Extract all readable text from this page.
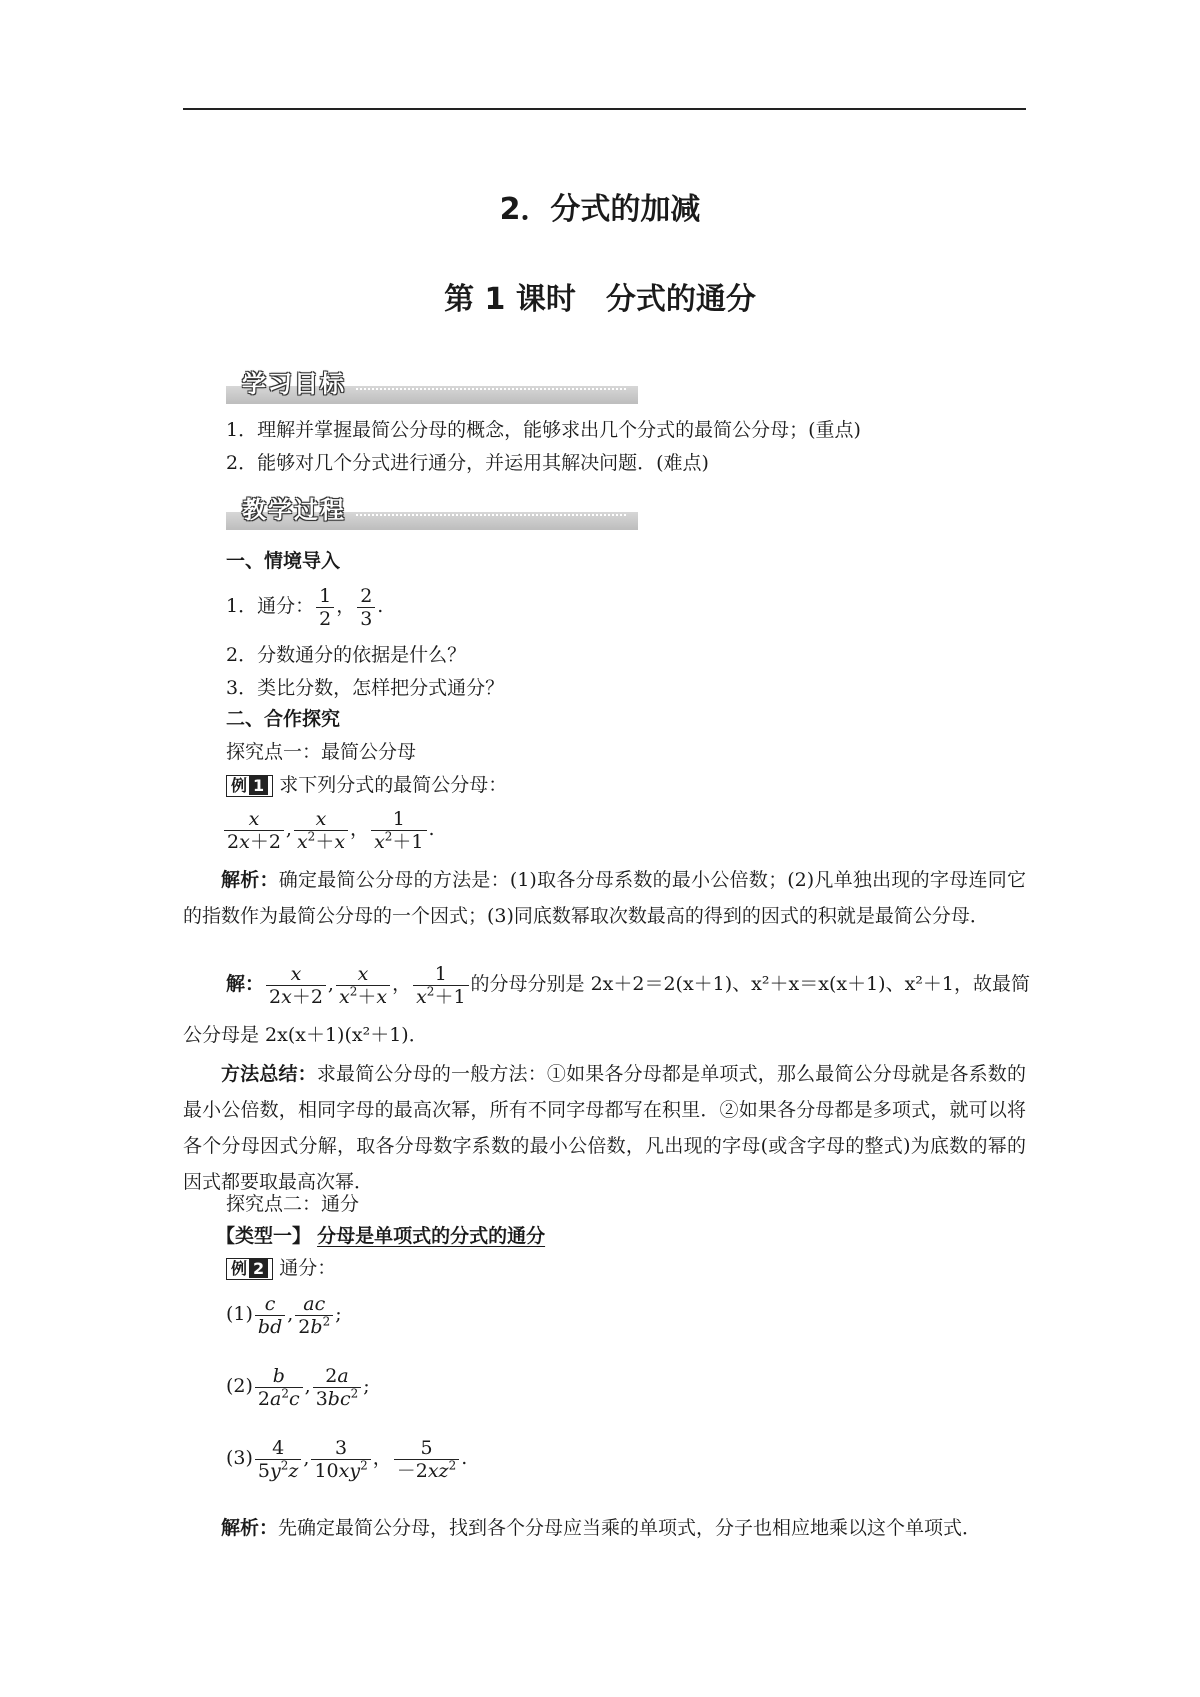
2．分式的加减
第 1 课时　分式的通分
学习目标
1．理解并掌握最简公分母的概念，能够求出几个分式的最简公分母；(重点)
2．能够对几个分式进行通分，并运用其解决问题．(难点)
教学过程
一、情境导入
1．通分： $\frac{1}{2}$ ， $\frac{2}{3}$ .
2．分数通分的依据是什么？
3．类比分数，怎样把分式通分？
二、合作探究
探究点一：最简公分母
例 1 求下列分式的最简公分母：
$\frac{x}{2x+2}$ , $\frac{x}{x^2+x}$ ， $\frac{1}{x^2+1}$ .
解析：确定最简公分母的方法是：(1)取各分母系数的最小公倍数；(2)凡单独出现的字母连同它的指数作为最简公分母的一个因式；(3)同底数幂取次数最高的得到的因式的积就是最简公分母．
解： $\frac{x}{2x+2}$ , $\frac{x}{x^2+x}$ ， $\frac{1}{x^2+1}$ 的分母分别是 2x＋2＝2(x＋1)、x²＋x＝x(x＋1)、x²＋1，故最简
公分母是 2x(x＋1)(x²＋1)．
方法总结：求最简公分母的一般方法：①如果各分母都是单项式，那么最简公分母就是各系数的最小公倍数，相同字母的最高次幂，所有不同字母都写在积里．②如果各分母都是多项式，就可以将各个分母因式分解，取各分母数字系数的最小公倍数，凡出现的字母(或含字母的整式)为底数的幂的因式都要取最高次幂．
探究点二：通分
【类型一】 分母是单项式的分式的通分
例 2 通分：
$(1) \frac{c}{bd}$ , $\frac{ac}{2b^2}$ ;
$(2) \frac{b}{2a^2c}$ , $\frac{2a}{3bc^2}$ ;
$(3) \frac{4}{5y^2z}$ , $\frac{3}{10xy^2}$ ， $\frac{5}{-2xz^2}$ .
解析：先确定最简公分母，找到各个分母应当乘的单项式，分子也相应地乘以这个单项式．
